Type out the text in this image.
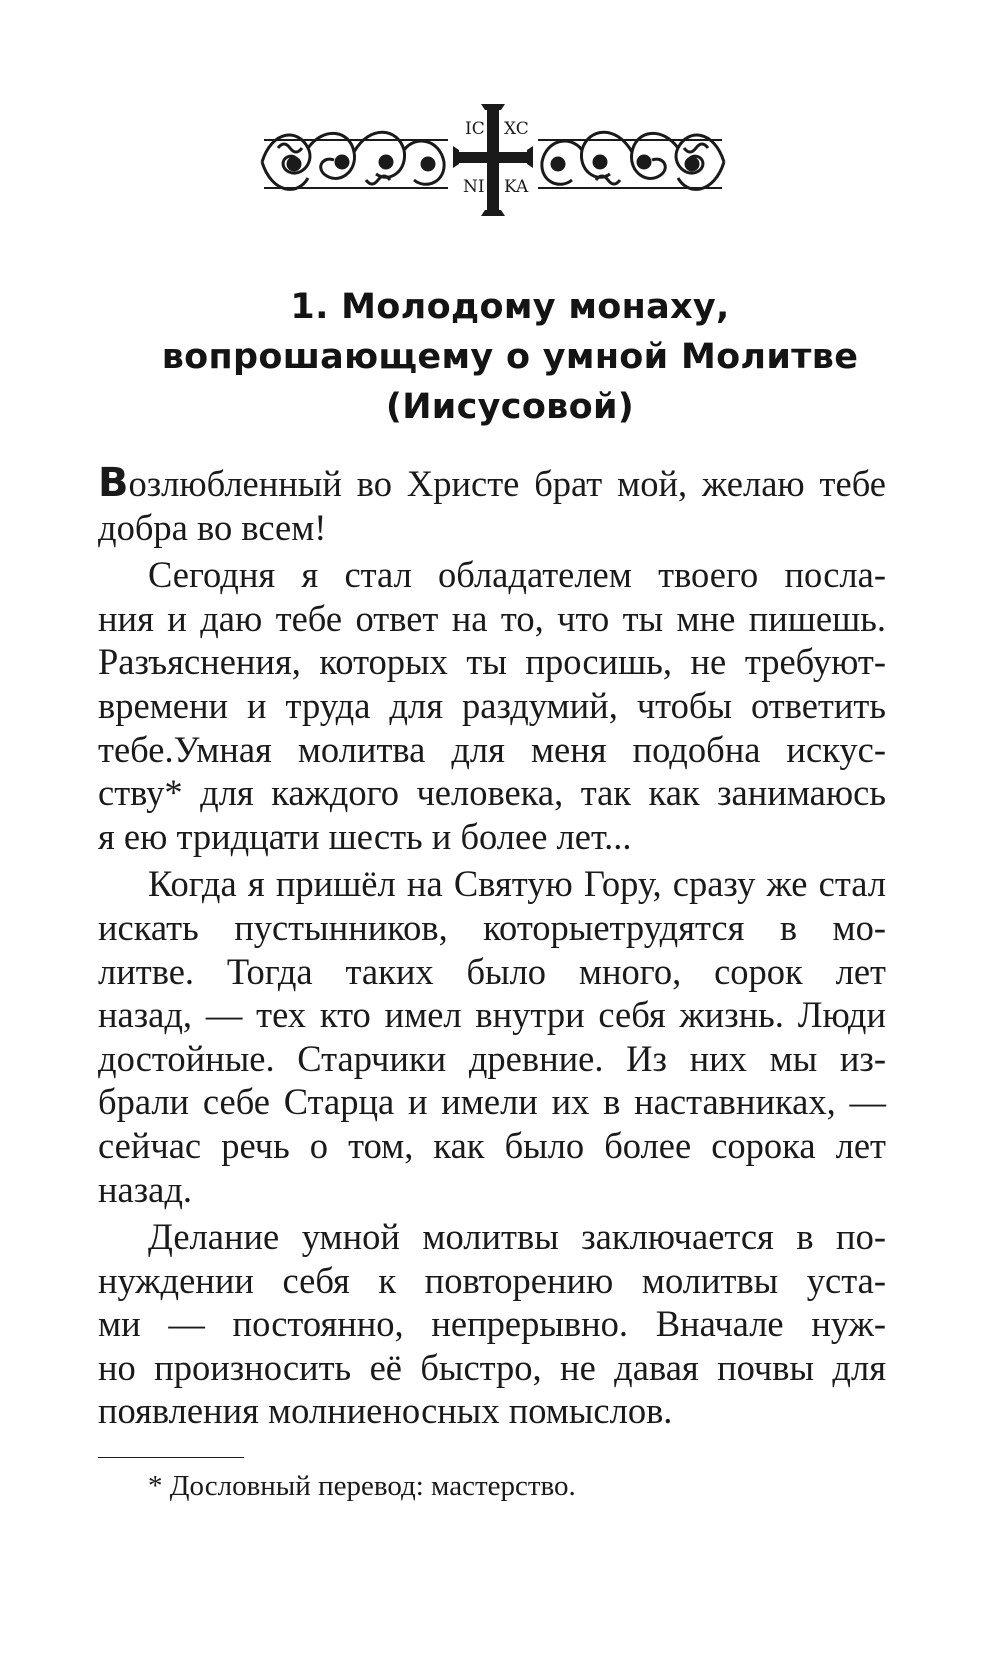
IC XC
NI KA
1. Молодому монаху,
вопрошающему о умной Молитве
(Иисусовой)
Возлюбленный во Христе брат мой, желаю тебе
добра во всем!
Сегодня я стал обладателем твоего посла-
ния и даю тебе ответ на то, что ты мне пишешь.
Разъяснения, которых ты просишь, не требуют-
времени и труда для раздумий, чтобы ответить
тебе.Умная молитва для меня подобна искус-
ству* для каждого человека, так как занимаюсь
я ею тридцати шесть и более лет...
Когда я пришёл на Святую Гору, сразу же стал
искать пустынников, которыетрудятся в мо-
литве. Тогда таких было много, сорок лет
назад, — тех кто имел внутри себя жизнь. Люди
достойные. Старчики древние. Из них мы из-
брали себе Старца и имели их в наставниках, —
сейчас речь о том, как было более сорока лет
назад.
Делание умной молитвы заключается в по-
нуждении себя к повторению молитвы уста-
ми — постоянно, непрерывно. Вначале нуж-
но произносить её быстро, не давая почвы для
появления молниеносных помыслов.
* Дословный перевод: мастерство.
